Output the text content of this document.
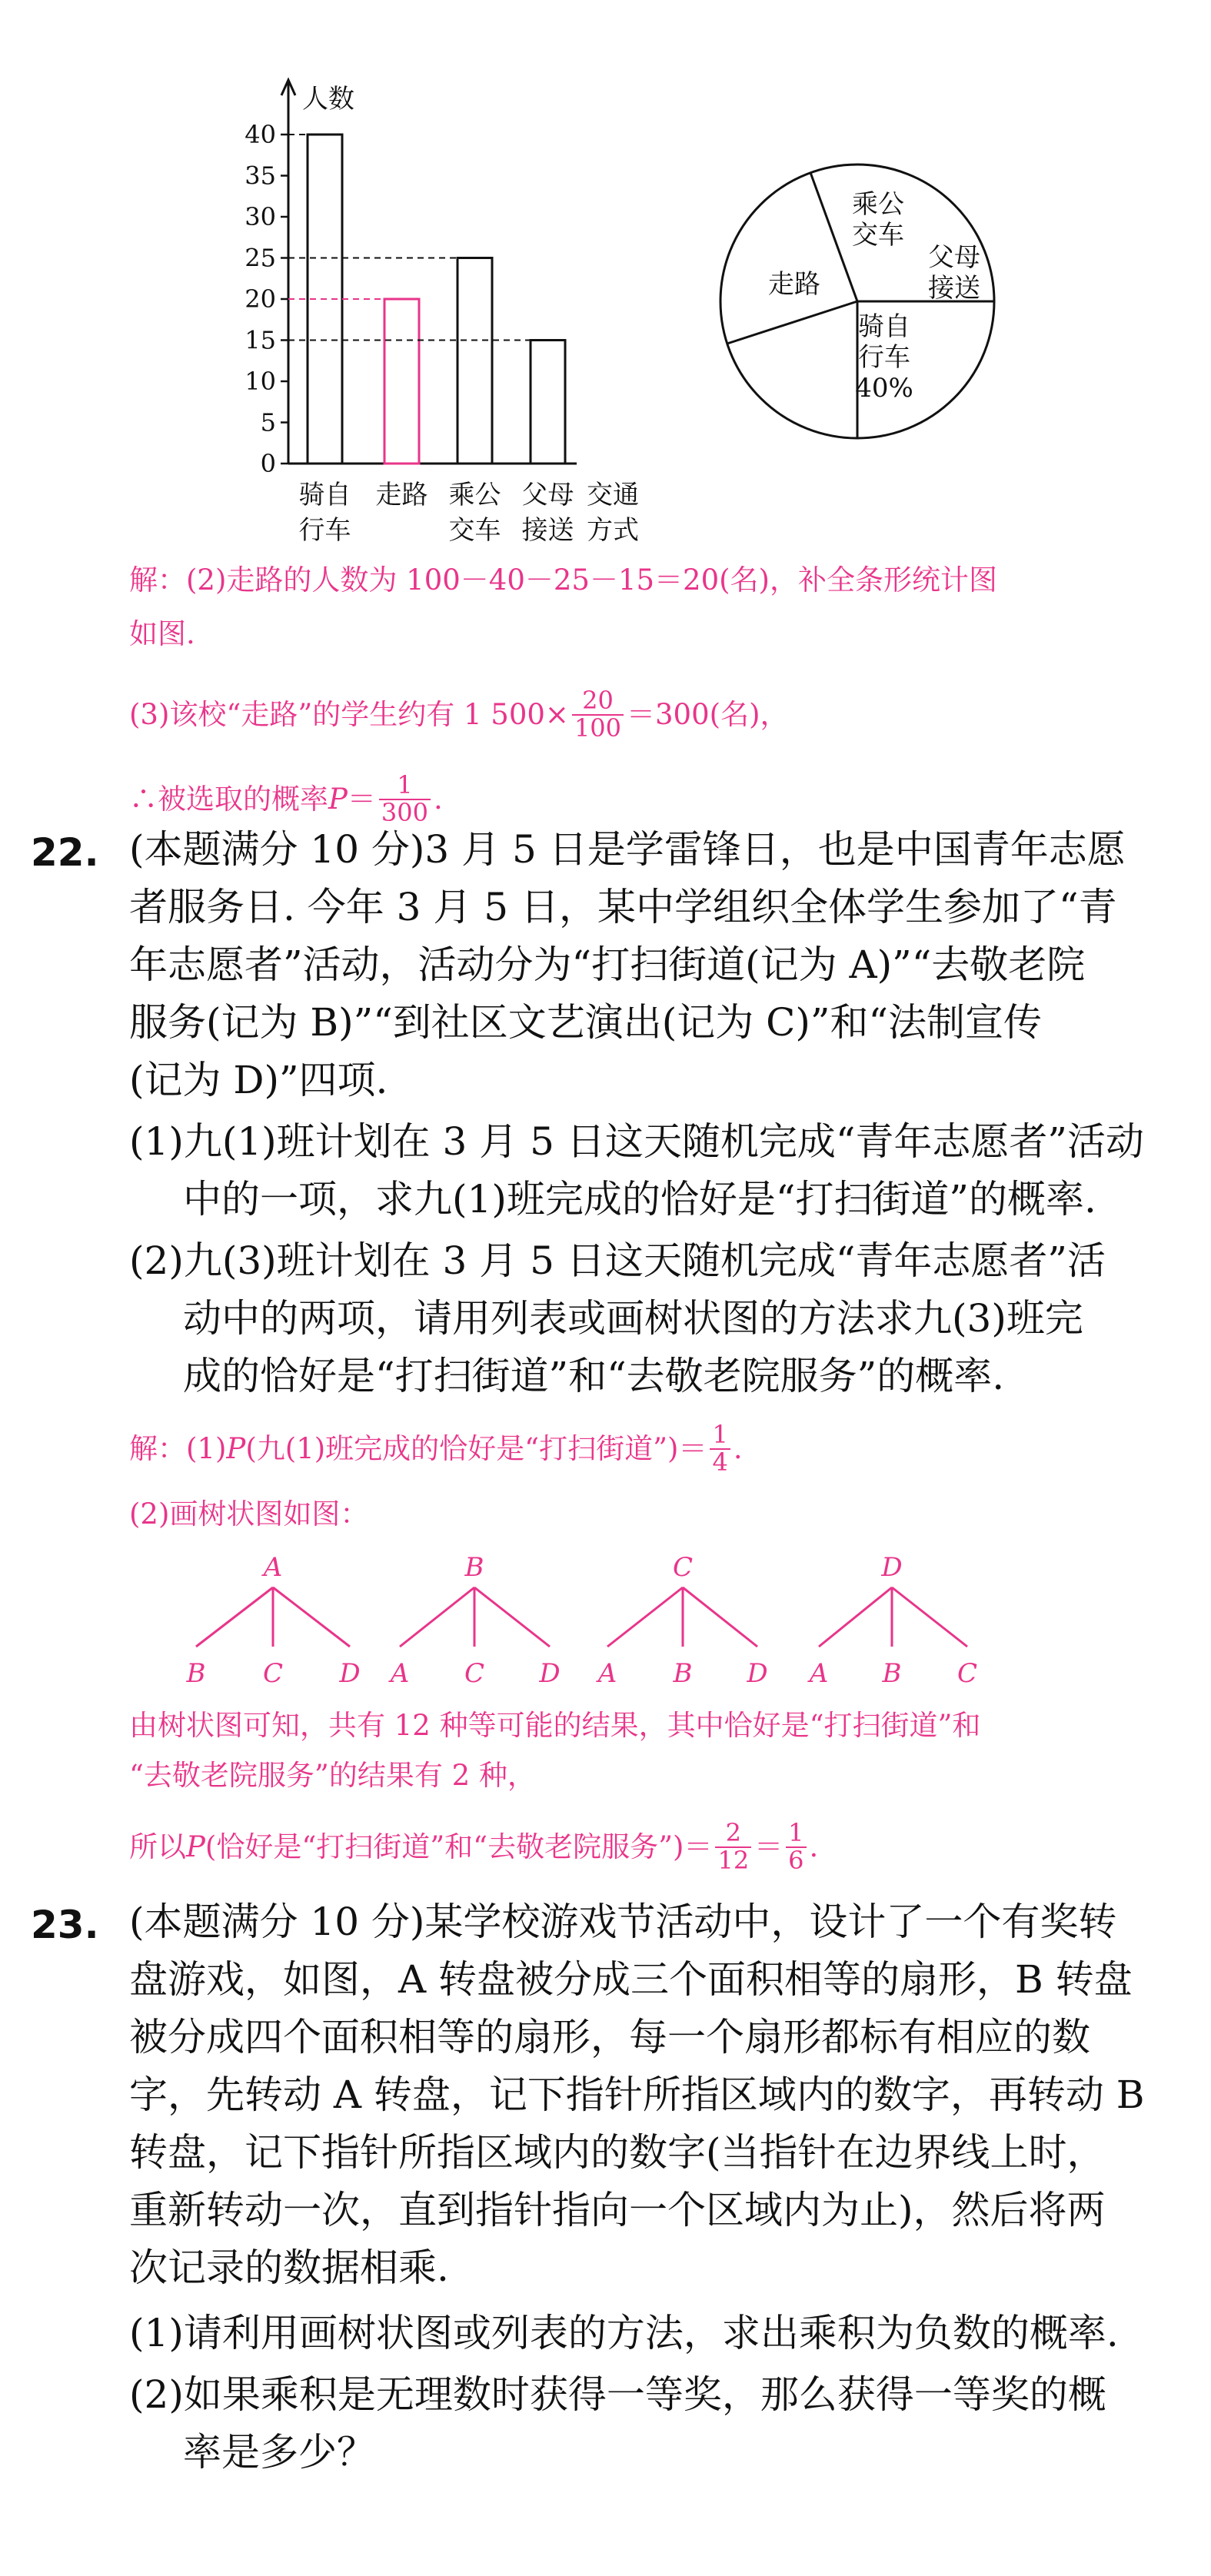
人数
40
35
30
25
20
15
10
5
0
骑自
行车
走路 乘公
交车
父母
接送
交通
方式
乘公
交车
父母
接送
骑自
行车
40%
走路
解：(2)走路的人数为 100－40－25－15＝20(名)，补全条形统计图
如图.
(3)该校“走路”的学生约有 1 $500\times \frac{20}{100} =300$(名)，
∴被选取的概率 $P = \frac{1}{300}$ .
22. (本题满分 10 分)3 月 5 日是学雷锋日，也是中国青年志愿
者服务日. 今年 3 月 5 日，某中学组织全体学生参加了“青
年志愿者”活动，活动分为“打扫街道(记为 A)”“去敬老院
服务(记为 B)”“到社区文艺演出(记为 C)”和“法制宣传
(记为 D)”四项.
(1)九(1)班计划在 3 月 5 日这天随机完成“青年志愿者”活动
中的一项，求九(1)班完成的恰好是“打扫街道”的概率.
(2)九(3)班计划在 3 月 5 日这天随机完成“青年志愿者”活
动中的两项，请用列表或画树状图的方法求九(3)班完
成的恰好是“打扫街道”和“去敬老院服务”的概率.
解：(1) P (九(1)班完成的恰好是“打扫街道”)＝ $\frac{1}{4}$ .
(2)画树状图如图：
A
B C D
B
A C D
C
A B D
D
A B C
由树状图可知，共有 12 种等可能的结果，其中恰好是“打扫街道”和
“去敬老院服务”的结果有 2 种，
所以 P (恰好是“打扫街道”和“去敬老院服务”)＝ $\frac{2}{12} = \frac{1}{6}$ .
23. (本题满分 10 分)某学校游戏节活动中，设计了一个有奖转
盘游戏，如图，A 转盘被分成三个面积相等的扇形，B 转盘
被分成四个面积相等的扇形，每一个扇形都标有相应的数
字，先转动 A 转盘，记下指针所指区域内的数字，再转动 B
转盘，记下指针所指区域内的数字(当指针在边界线上时，
重新转动一次，直到指针指向一个区域内为止)，然后将两
次记录的数据相乘.
(1)请利用画树状图或列表的方法，求出乘积为负数的概率.
(2)如果乘积是无理数时获得一等奖，那么获得一等奖的概
率是多少？
